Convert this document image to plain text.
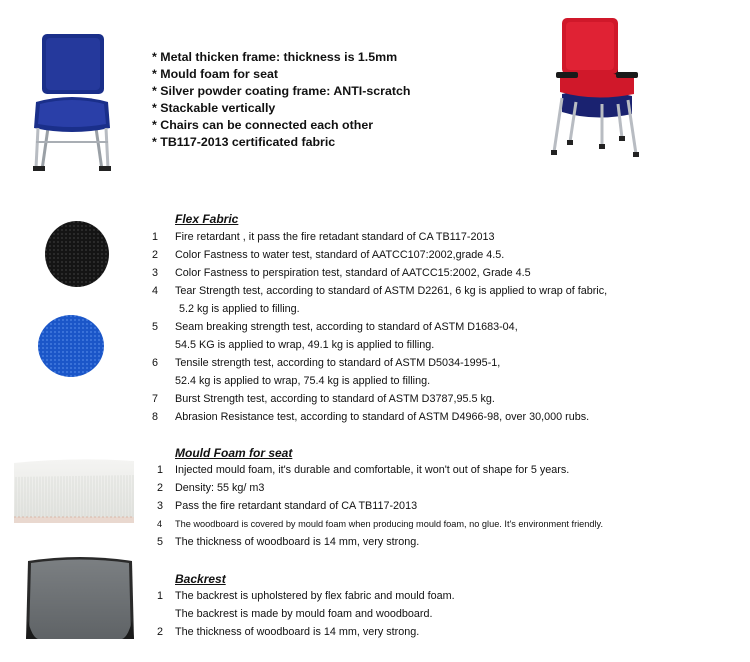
* Metal thicken frame: thickness is 1.5mm
* Mould foam for seat
* Silver powder coating frame: ANTI-scratch
* Stackable vertically
* Chairs can be connected each other
* TB117-2013 certificated fabric
Flex Fabric
1 Fire retardant , it pass the fire retadant standard of CA TB117-2013
2 Color Fastness to water test, standard of AATCC107:2002,grade 4.5.
3 Color Fastness to perspiration test, standard of AATCC15:2002, Grade 4.5
4 Tear Strength test, according to standard of ASTM D2261, 6 kg is applied to wrap of fabric,
5.2 kg is applied to filling.
5 Seam breaking strength test, according to standard of ASTM D1683-04,
54.5 KG is applied to wrap, 49.1 kg is applied to filling.
6 Tensile strength test, according to standard of ASTM D5034-1995-1,
52.4 kg is applied to wrap, 75.4 kg is applied to filling.
7 Burst Strength test, according to standard of ASTM D3787,95.5 kg.
8 Abrasion Resistance test, according to standard of ASTM D4966-98, over 30,000 rubs.
Mould Foam for seat
1 Injected mould foam, it's durable and comfortable, it won't out of shape for 5 years.
2 Density: 55 kg/ m3
3 Pass the fire retardant standard of CA TB117-2013
4 The woodboard is covered by mould foam when producing mould foam, no glue. It's environment friendly.
5 The thickness of woodboard is 14 mm, very strong.
Backrest
1 The backrest is upholstered by flex fabric and mould foam.
The backrest is made by mould foam and woodboard.
2 The thickness of woodboard is 14 mm, very strong.
